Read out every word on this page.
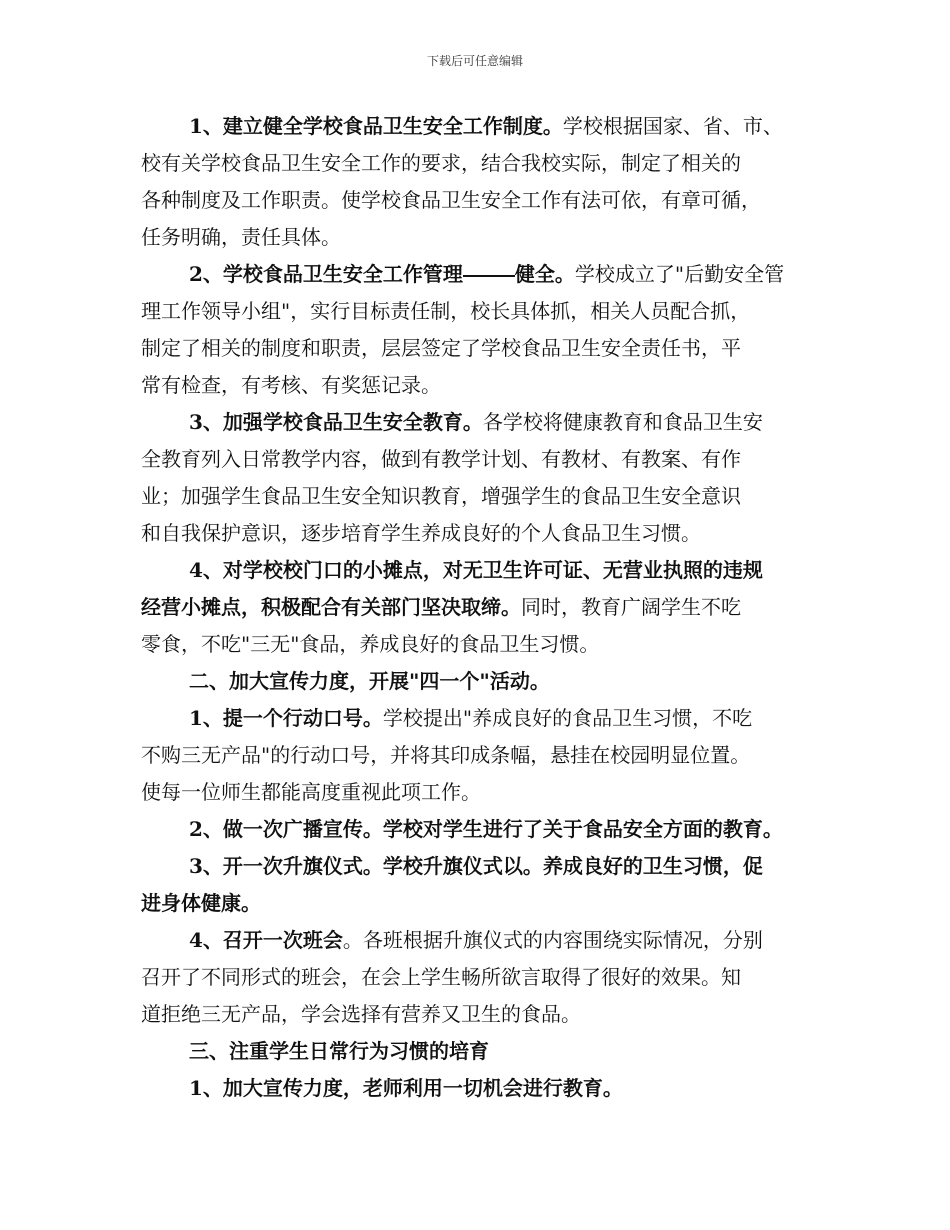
下载后可任意编辑
1、建立健全学校食品卫生安全工作制度。学校根据国家、省、市、
校有关学校食品卫生安全工作的要求，结合我校实际，制定了相关的
各种制度及工作职责。使学校食品卫生安全工作有法可依，有章可循，
任务明确，责任具体。
2、学校食品卫生安全工作管理	健全。学校成立了"后勤安全管
理工作领导小组"，实行目标责任制，校长具体抓，相关人员配合抓，
制定了相关的制度和职责，层层签定了学校食品卫生安全责任书，平
常有检查，有考核、有奖惩记录。
3、加强学校食品卫生安全教育。各学校将健康教育和食品卫生安
全教育列入日常教学内容，做到有教学计划、有教材、有教案、有作
业；加强学生食品卫生安全知识教育，增强学生的食品卫生安全意识
和自我保护意识，逐步培育学生养成良好的个人食品卫生习惯。
4、对学校校门口的小摊点，对无卫生许可证、无营业执照的违规
经营小摊点，积极配合有关部门坚决取缔。同时，教育广阔学生不吃
零食，不吃"三无"食品，养成良好的食品卫生习惯。
二、加大宣传力度，开展"四一个"活动。
1、提一个行动口号。学校提出"养成良好的食品卫生习惯，不吃
不购三无产品"的行动口号，并将其印成条幅，悬挂在校园明显位置。
使每一位师生都能高度重视此项工作。
2、做一次广播宣传。学校对学生进行了关于食品安全方面的教育。
3、开一次升旗仪式。学校升旗仪式以。养成良好的卫生习惯，促
进身体健康。
4、召开一次班会。各班根据升旗仪式的内容围绕实际情况，分别
召开了不同形式的班会，在会上学生畅所欲言取得了很好的效果。知
道拒绝三无产品，学会选择有营养又卫生的食品。
三、注重学生日常行为习惯的培育
1、加大宣传力度，老师利用一切机会进行教育。
